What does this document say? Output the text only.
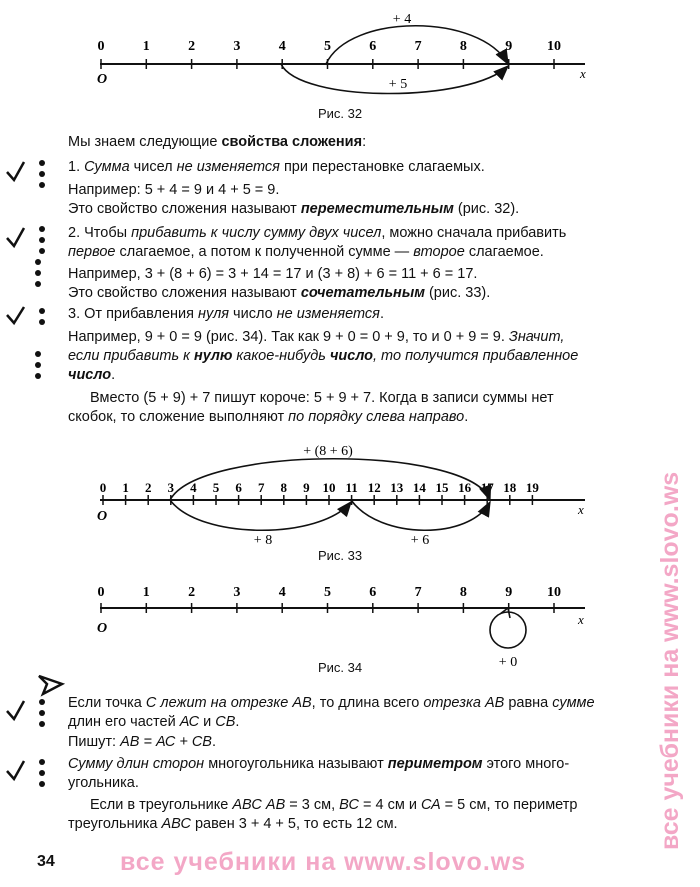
0	1	2	3	4	5	6	7	8	9 10
+ 4
+ 5
O	x
Рис. 32

Мы знаем следующие свойства сложения:

1. Сумма чисел не изменяется при перестановке слагаемых.

Например: 5 + 4 = 9 и 4 + 5 = 9.

Это свойство сложения называют переместительным (рис. 32).

2. Чтобы прибавить к числу сумму двух чисел, можно сначала прибавить

первое слагаемое, а потом к полученной сумме — второе слагаемое.

Например, 3 + (8 + 6) = 3 + 14 = 17 и (3 + 8) + 6 = 11 + 6 = 17.

Это свойство сложения называют сочетательным (рис. 33).

3. От прибавления нуля число не изменяется.

Например, 9 + 0 = 9 (рис. 34). Так как 9 + 0 = 0 + 9, то и 0 + 9 = 9. Значит,

если прибавить к нулю какое-нибудь число, то получится прибавленное

число.

Вместо (5 + 9) + 7 пишут короче: 5 + 9 + 7. Когда в записи суммы нет

скобок, то сложение выполняют по порядку слева направо.

0 1 2 3 4 5 6 7 8 9 10 11 12 13 14 15 16 17 18 19
+ (8 + 6)
+ 8	+ 6
O	x
Рис. 33
0	1	2	3	4	5	6	7	8	9 10
+ 0
O
x
Рис. 34

Если точка С лежит на отрезке АВ, то длина всего отрезка АВ равна сумме

длин его частей АС и СВ.

Пишут: АВ = АС + СВ.

Сумму длин сторон многоугольника называют периметром этого много-

угольника.

Если в треугольнике АВС АВ = 3 см, ВС = 4 см и СА = 5 см, то периметр

треугольника АВС равен 3 + 4 + 5, то есть 12 см.

34
все учебники на www.slovo.ws
все учебники на www.slovo.ws
